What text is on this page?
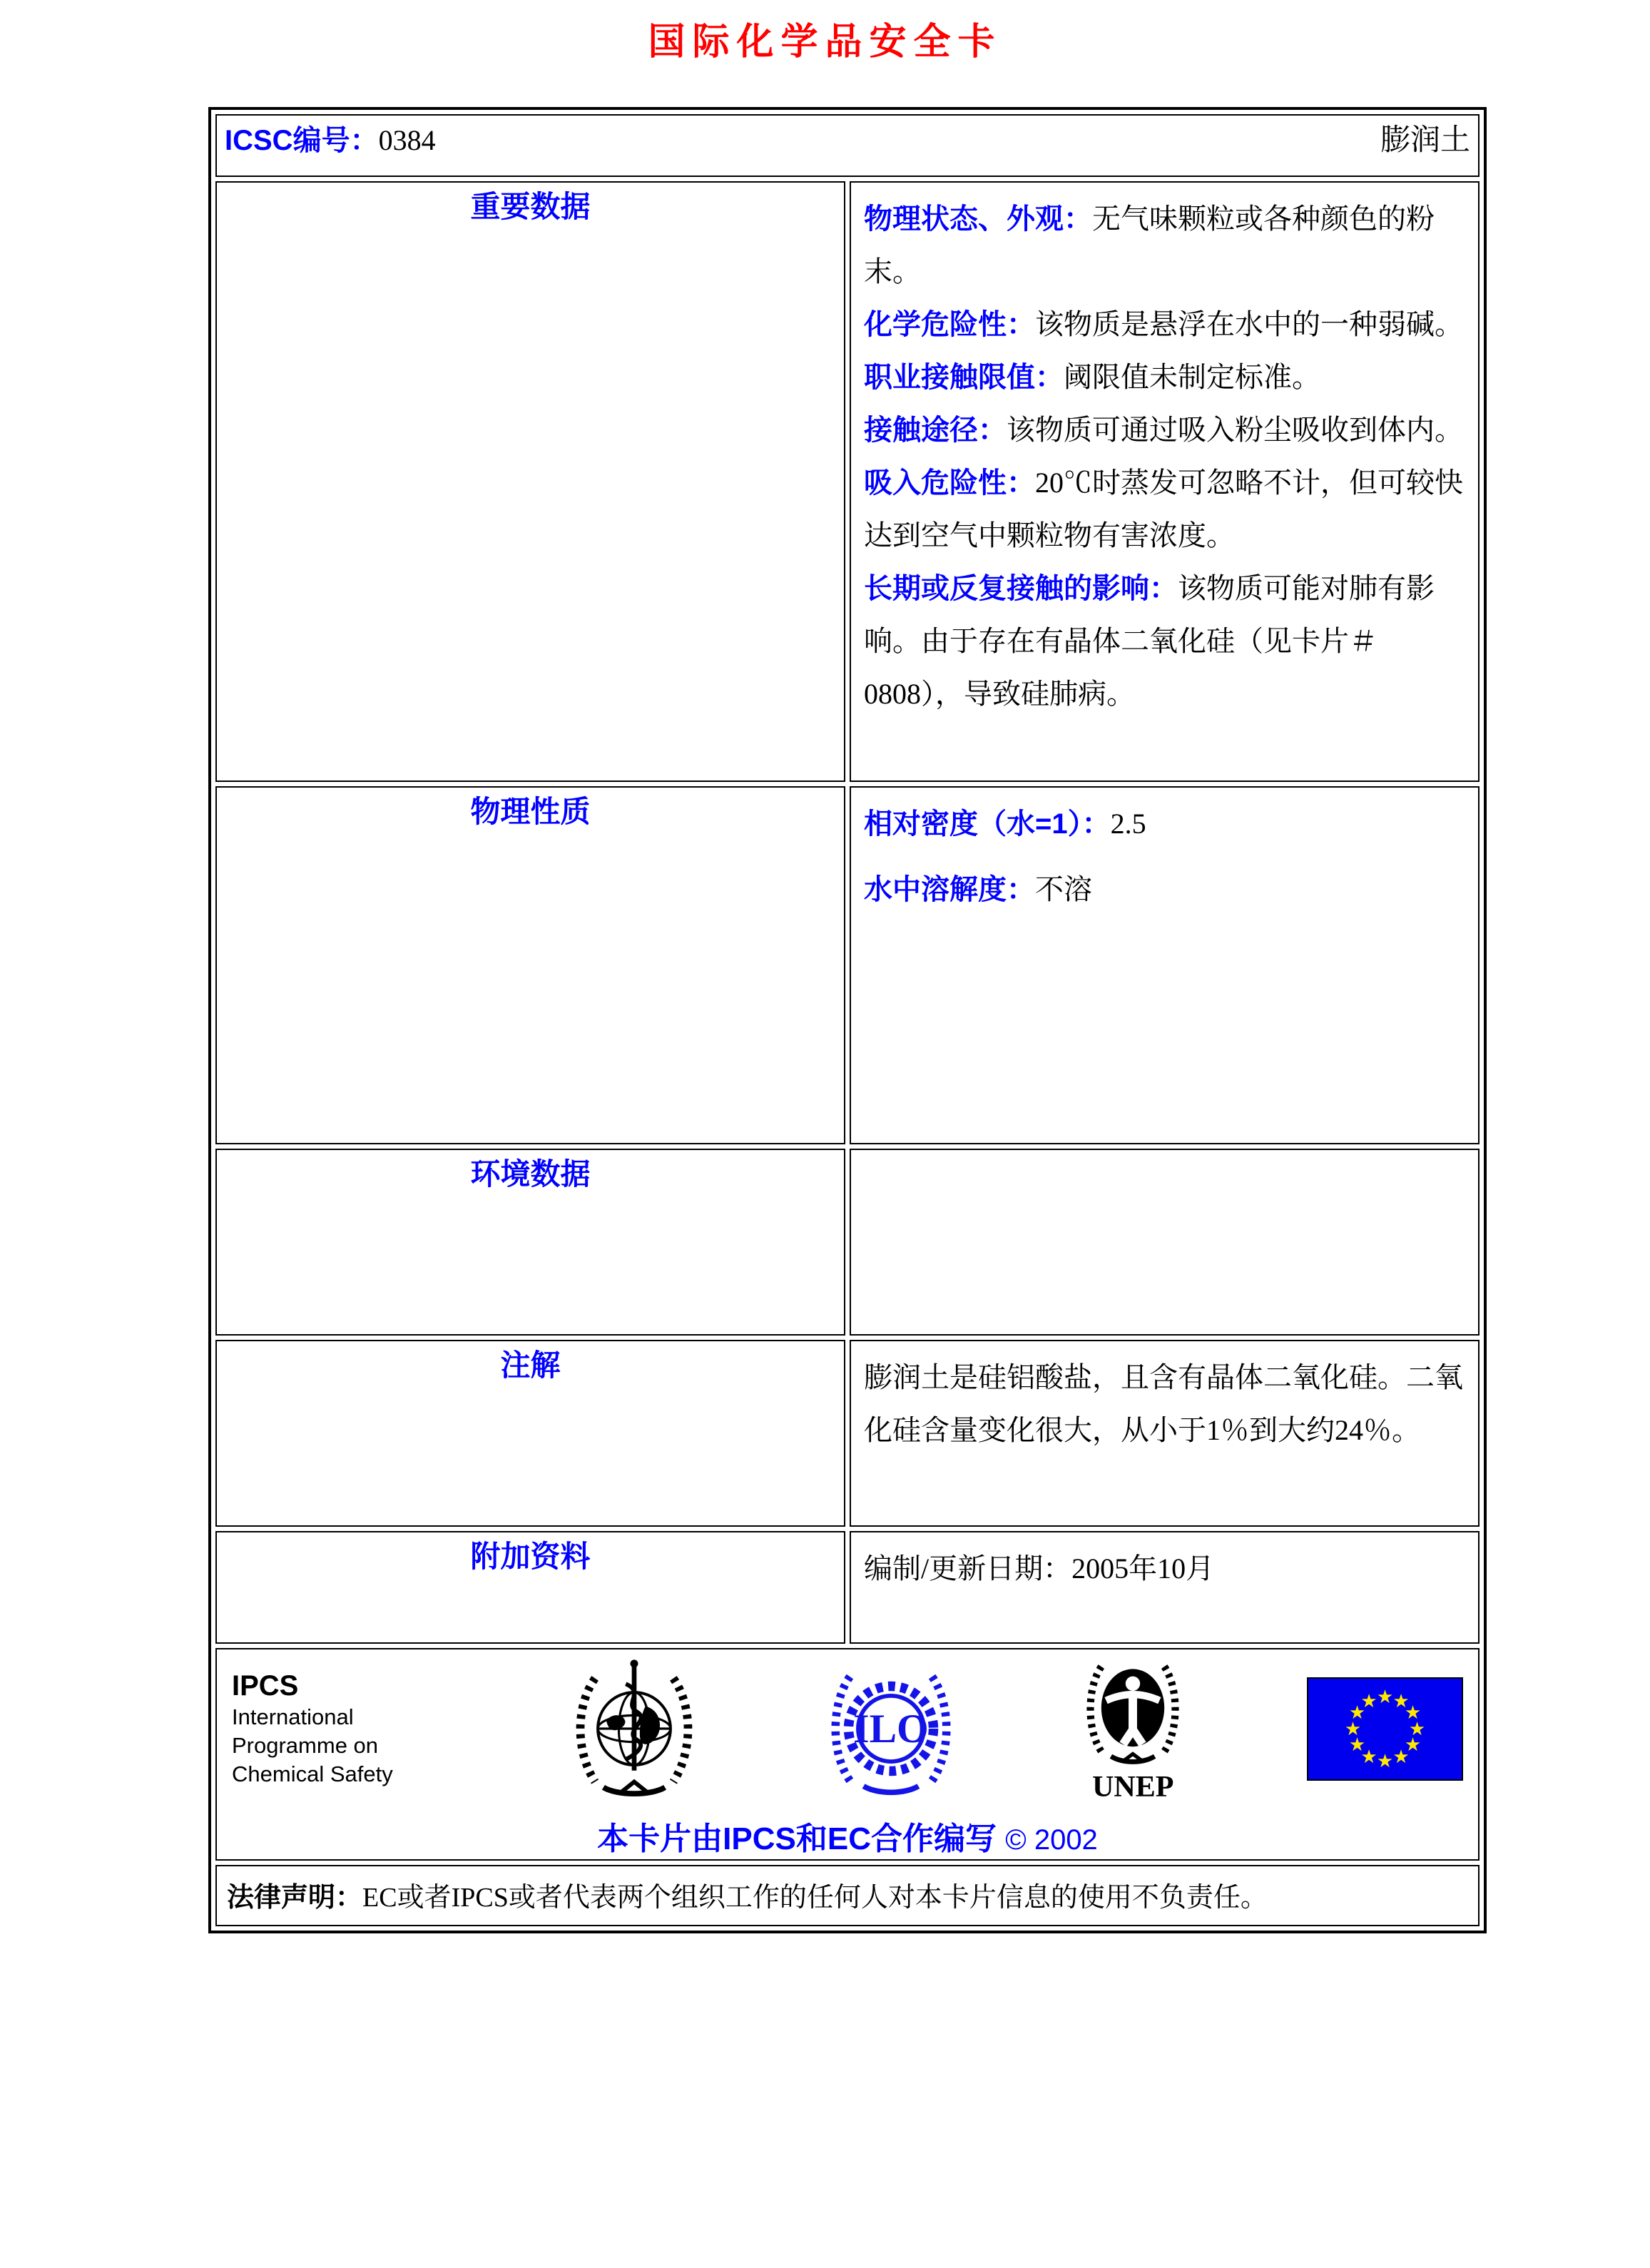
国际化学品安全卡
ICSC编号：0384 膨润土	

重要数据	物理状态、外观：无气味颗粒或各种颜色的粉末。

化学危险性：该物质是悬浮在水中的一种弱碱。

职业接触限值：阈限值未制定标准。

接触途径：该物质可通过吸入粉尘吸收到体内。

吸入危险性：20℃时蒸发可忽略不计，但可较快达到空气中颗粒物有害浓度。

长期或反复接触的影响：该物质可能对肺有影响。由于存在有晶体二氧化硅（见卡片＃0808），导致硅肺病。

物理性质	相对密度（水=1）：2.5

水中溶解度：不溶

环境数据	
注解	膨润土是硅铝酸盐，且含有晶体二氧化硅。二氧化硅含量变化很大，从小于1％到大约24％。

附加资料	编制/更新日期：2005年10月

IPCS
International
Programme on
Chemical Safety
ILO
UNEP
★ ★
★
★
★
★
★
★
★
★
★
★
本卡片由IPCS和EC合作编写 © 2002

法律声明：EC或者IPCS或者代表两个组织工作的任何人对本卡片信息的使用不负责任。	
